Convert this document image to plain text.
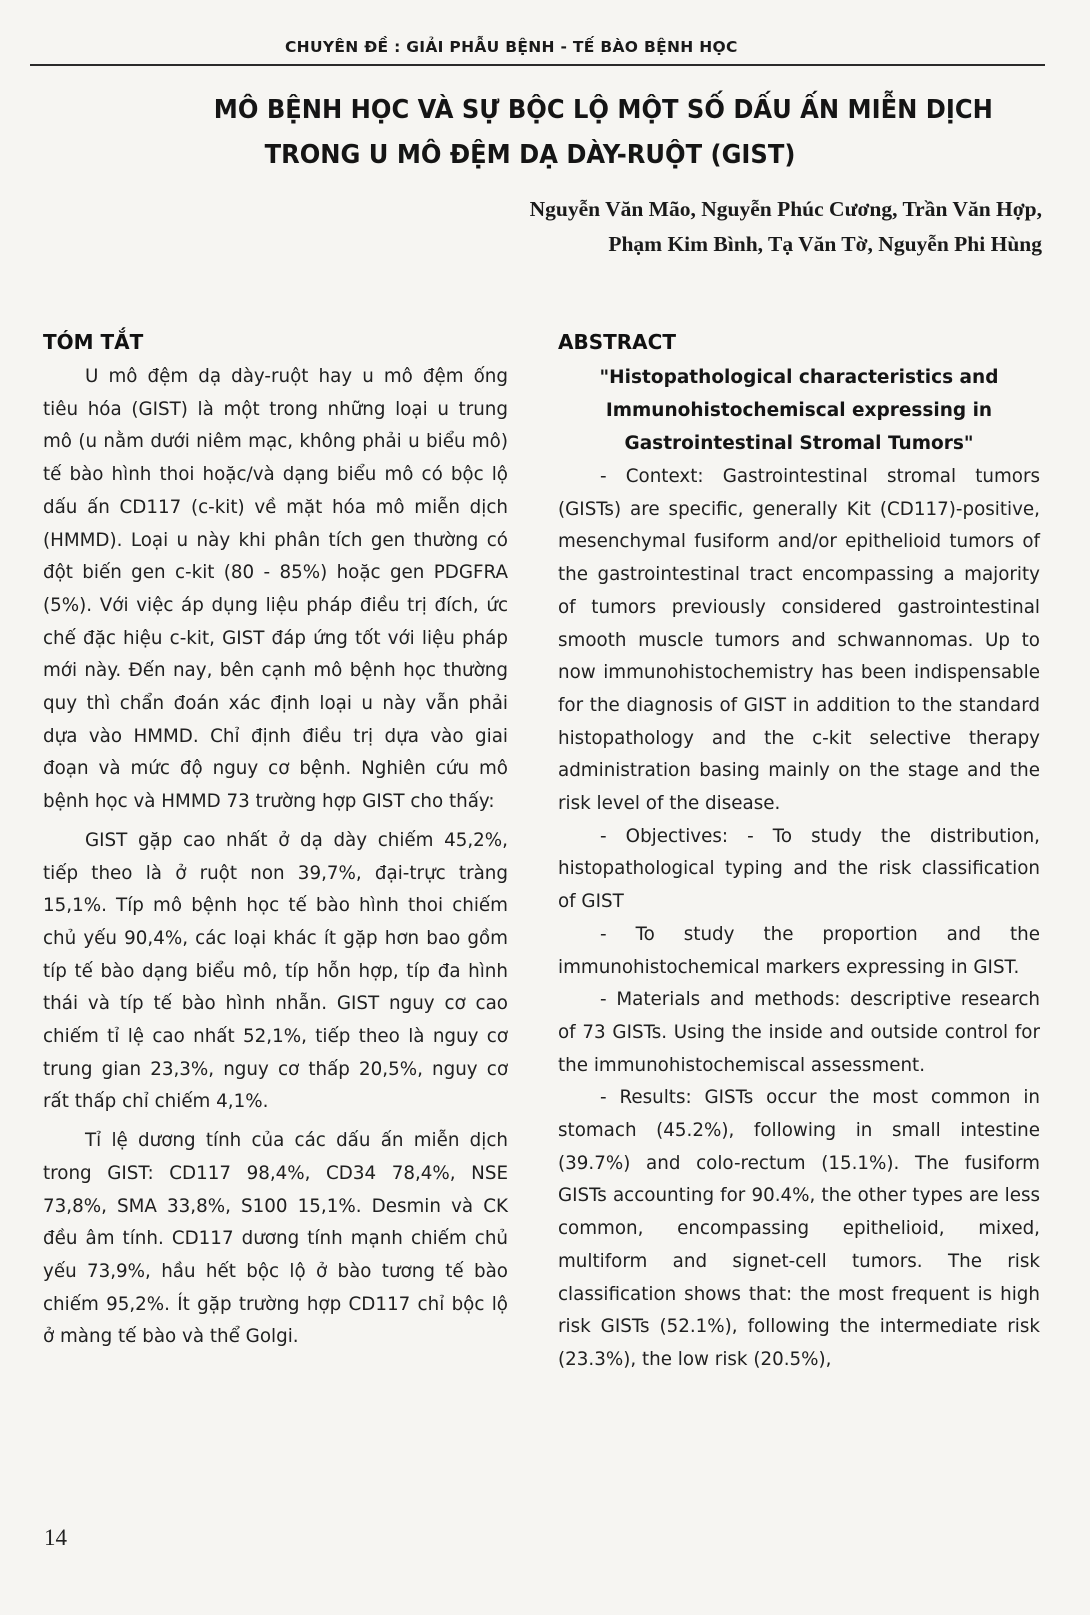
CHUYÊN ĐỀ : GIẢI PHẪU BỆNH - TẾ BÀO BỆNH HỌC
MÔ BỆNH HỌC VÀ SỰ BỘC LỘ MỘT SỐ DẤU ẤN MIỄN DỊCH
TRONG U MÔ ĐỆM DẠ DÀY-RUỘT (GIST)
Nguyễn Văn Mão, Nguyễn Phúc Cương, Trần Văn Hợp,
Phạm Kim Bình, Tạ Văn Tờ, Nguyễn Phi Hùng
TÓM TẮT

U mô đệm dạ dày-ruột hay u mô đệm ống tiêu hóa (GIST) là một trong những loại u trung mô (u nằm dưới niêm mạc, không phải u biểu mô) tế bào hình thoi hoặc/và dạng biểu mô có bộc lộ dấu ấn CD117 (c-kit) về mặt hóa mô miễn dịch (HMMD). Loại u này khi phân tích gen thường có đột biến gen c-kit (80 - 85%) hoặc gen PDGFRA (5%). Với việc áp dụng liệu pháp điều trị đích, ức chế đặc hiệu c-kit, GIST đáp ứng tốt với liệu pháp mới này. Đến nay, bên cạnh mô bệnh học thường quy thì chẩn đoán xác định loại u này vẫn phải dựa vào HMMD. Chỉ định điều trị dựa vào giai đoạn và mức độ nguy cơ bệnh. Nghiên cứu mô bệnh học và HMMD 73 trường hợp GIST cho thấy:

GIST gặp cao nhất ở dạ dày chiếm 45,2%, tiếp theo là ở ruột non 39,7%, đại-trực tràng 15,1%. Típ mô bệnh học tế bào hình thoi chiếm chủ yếu 90,4%, các loại khác ít gặp hơn bao gồm típ tế bào dạng biểu mô, típ hỗn hợp, típ đa hình thái và típ tế bào hình nhẫn. GIST nguy cơ cao chiếm tỉ lệ cao nhất 52,1%, tiếp theo là nguy cơ trung gian 23,3%, nguy cơ thấp 20,5%, nguy cơ rất thấp chỉ chiếm 4,1%.

Tỉ lệ dương tính của các dấu ấn miễn dịch trong GIST: CD117 98,4%, CD34 78,4%, NSE 73,8%, SMA 33,8%, S100 15,1%. Desmin và CK đều âm tính. CD117 dương tính mạnh chiếm chủ yếu 73,9%, hầu hết bộc lộ ở bào tương tế bào chiếm 95,2%. Ít gặp trường hợp CD117 chỉ bộc lộ ở màng tế bào và thể Golgi.

ABSTRACT

"Histopathological characteristics and Immunohistochemiscal expressing in Gastrointestinal Stromal Tumors"

- Context: Gastrointestinal stromal tumors (GISTs) are specific, generally Kit (CD117)-positive, mesenchymal fusiform and/or epithelioid tumors of the gastrointestinal tract encompassing a majority of tumors previously considered gastrointestinal smooth muscle tumors and schwannomas. Up to now immunohistochemistry has been indispensable for the diagnosis of GIST in addition to the standard histopathology and the c-kit selective therapy administration basing mainly on the stage and the risk level of the disease.

- Objectives: - To study the distribution, histopathological typing and the risk classification of GIST

- To study the proportion and the immunohistochemical markers expressing in GIST.

- Materials and methods: descriptive research of 73 GISTs. Using the inside and outside control for the immunohistochemiscal assessment.

- Results: GISTs occur the most common in stomach (45.2%), following in small intestine (39.7%) and colo-rectum (15.1%). The fusiform GISTs accounting for 90.4%, the other types are less common, encompassing epithelioid, mixed, multiform and signet-cell tumors. The risk classification shows that: the most frequent is high risk GISTs (52.1%), following the intermediate risk (23.3%), the low risk (20.5%),

14
